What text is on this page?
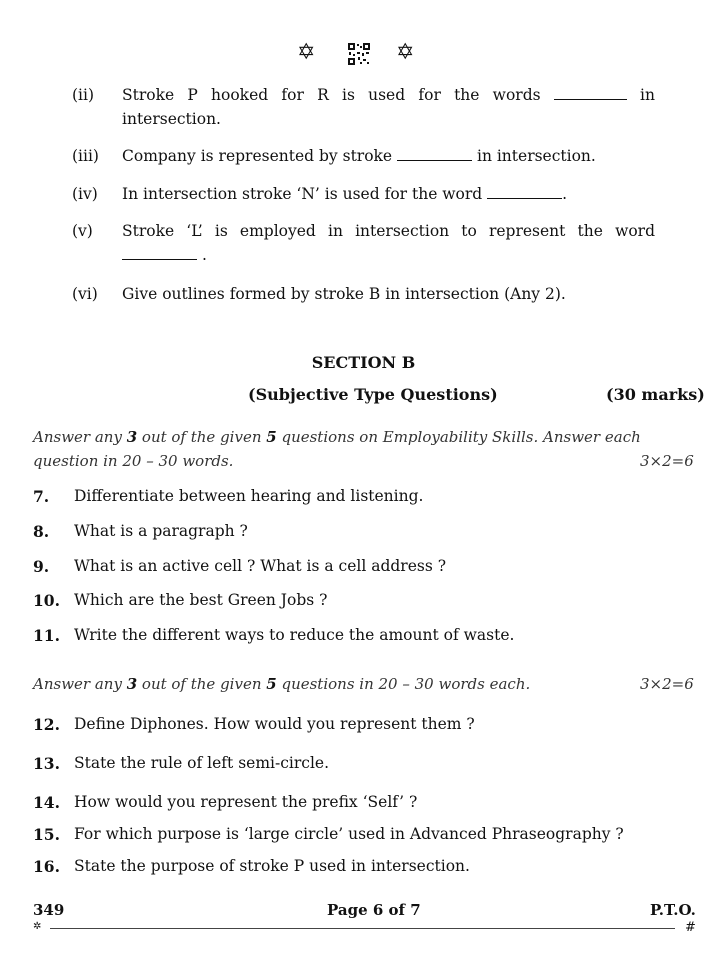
✡	✡
(ii) Stroke P hooked for R is used for the words	in
intersection.
(iii) Company is represented by stroke	in intersection.
(iv) In intersection stroke ‘N’ is used for the word	.
(v) Stroke ‘L’ is employed in intersection to represent the word
.
(vi) Give outlines formed by stroke B in intersection (Any 2).
SECTION B
(Subjective Type Questions)	(30 marks)
Answer any 3 out of the given 5 questions on Employability Skills. Answer each
question in 20 – 30 words.	3×2=6
7. Differentiate between hearing and listening.
8. What is a paragraph ?
9. What is an active cell ? What is a cell address ?
10. Which are the best Green Jobs ?
11. Write the different ways to reduce the amount of waste.
Answer any 3 out of the given 5 questions in 20 – 30 words each.	3×2=6
12. Define Diphones. How would you represent them ?
13. State the rule of left semi-circle.
14. How would you represent the prefix ‘Self’ ?
15. For which purpose is ‘large circle’ used in Advanced Phraseography ?
16. State the purpose of stroke P used in intersection.
349	Page 6 of 7	P.T.O.
✲	#
